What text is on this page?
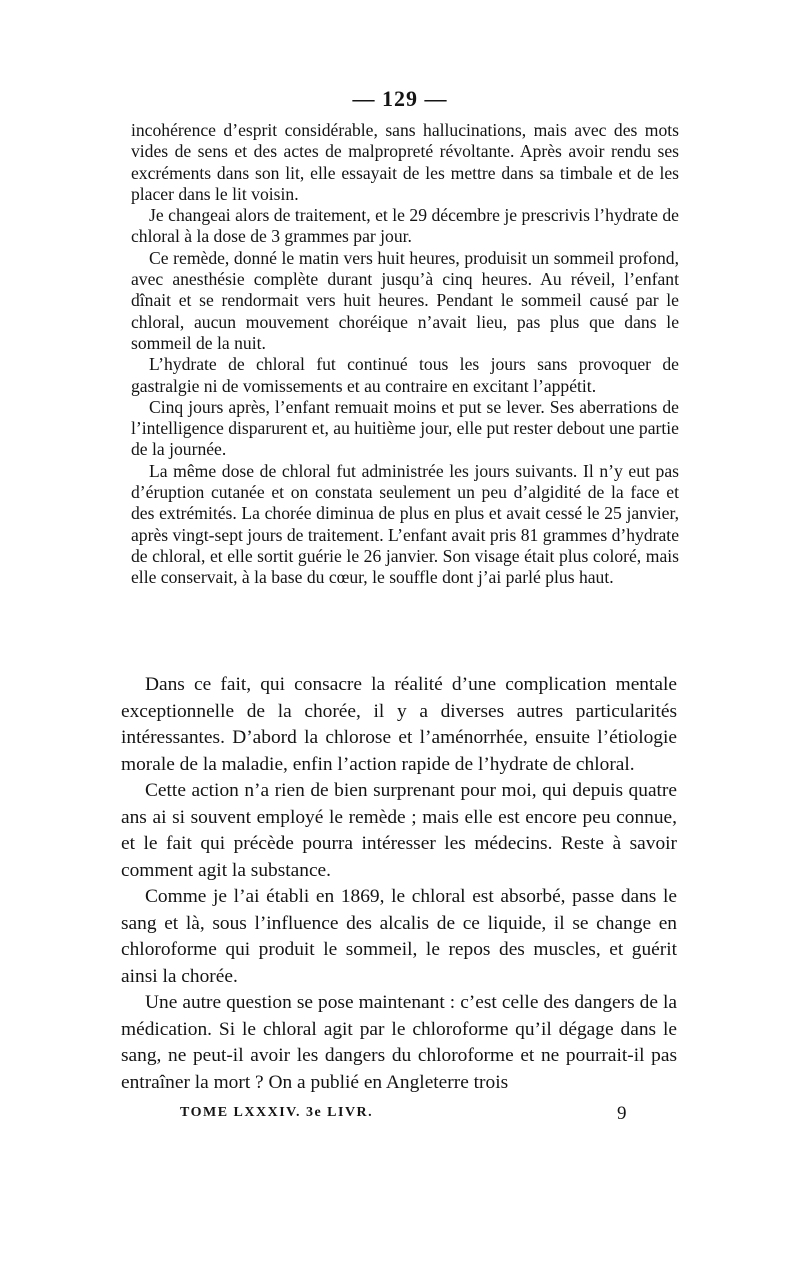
— 129 —

incohérence d’esprit considérable, sans hallucinations, mais avec des mots vides de sens et des actes de malpropreté révoltante. Après avoir rendu ses excréments dans son lit, elle essayait de les mettre dans sa timbale et de les placer dans le lit voisin.

Je changeai alors de traitement, et le 29 décembre je prescrivis l’hydrate de chloral à la dose de 3 grammes par jour.

Ce remède, donné le matin vers huit heures, produisit un sommeil profond, avec anesthésie complète durant jusqu’à cinq heures. Au réveil, l’enfant dînait et se rendormait vers huit heures. Pendant le sommeil causé par le chloral, aucun mouvement choréique n’avait lieu, pas plus que dans le sommeil de la nuit.

L’hydrate de chloral fut continué tous les jours sans provoquer de gastralgie ni de vomissements et au contraire en excitant l’appétit.

Cinq jours après, l’enfant remuait moins et put se lever. Ses aberrations de l’intelligence disparurent et, au huitième jour, elle put rester debout une partie de la journée.

La même dose de chloral fut administrée les jours suivants. Il n’y eut pas d’éruption cutanée et on constata seulement un peu d’algidité de la face et des extrémités. La chorée diminua de plus en plus et avait cessé le 25 janvier, après vingt-sept jours de traitement. L’enfant avait pris 81 grammes d’hydrate de chloral, et elle sortit guérie le 26 janvier. Son visage était plus coloré, mais elle conservait, à la base du cœur, le souffle dont j’ai parlé plus haut.

Dans ce fait, qui consacre la réalité d’une complication mentale exceptionnelle de la chorée, il y a diverses autres particularités intéressantes. D’abord la chlorose et l’aménorrhée, ensuite l’étiologie morale de la maladie, enfin l’action rapide de l’hydrate de chloral.

Cette action n’a rien de bien surprenant pour moi, qui depuis quatre ans ai si souvent employé le remède ; mais elle est encore peu connue, et le fait qui précède pourra intéresser les médecins. Reste à savoir comment agit la substance.

Comme je l’ai établi en 1869, le chloral est absorbé, passe dans le sang et là, sous l’influence des alcalis de ce liquide, il se change en chloroforme qui produit le sommeil, le repos des muscles, et guérit ainsi la chorée.

Une autre question se pose maintenant : c’est celle des dangers de la médication. Si le chloral agit par le chloroforme qu’il dégage dans le sang, ne peut-il avoir les dangers du chloroforme et ne pourrait-il pas entraîner la mort ? On a publié en Angleterre trois

TOME LXXXIV. 3e LIVR.	9
